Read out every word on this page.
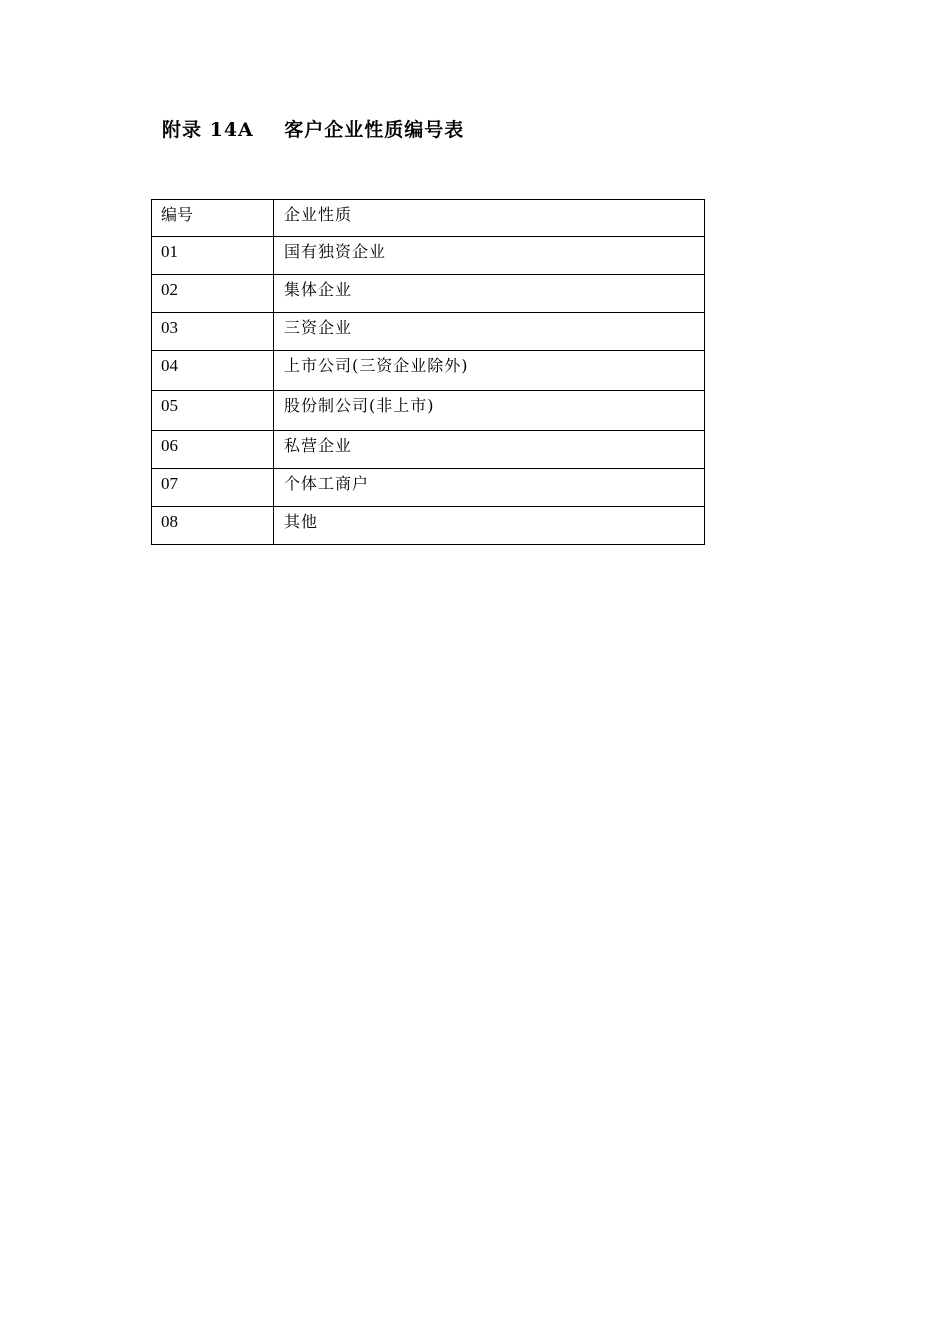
附录 14A    客户企业性质编号表
编号	企业性质
01	国有独资企业
02	集体企业
03	三资企业
04	上市公司(三资企业除外)
05	股份制公司(非上市)
06	私营企业
07	个体工商户
08	其他
